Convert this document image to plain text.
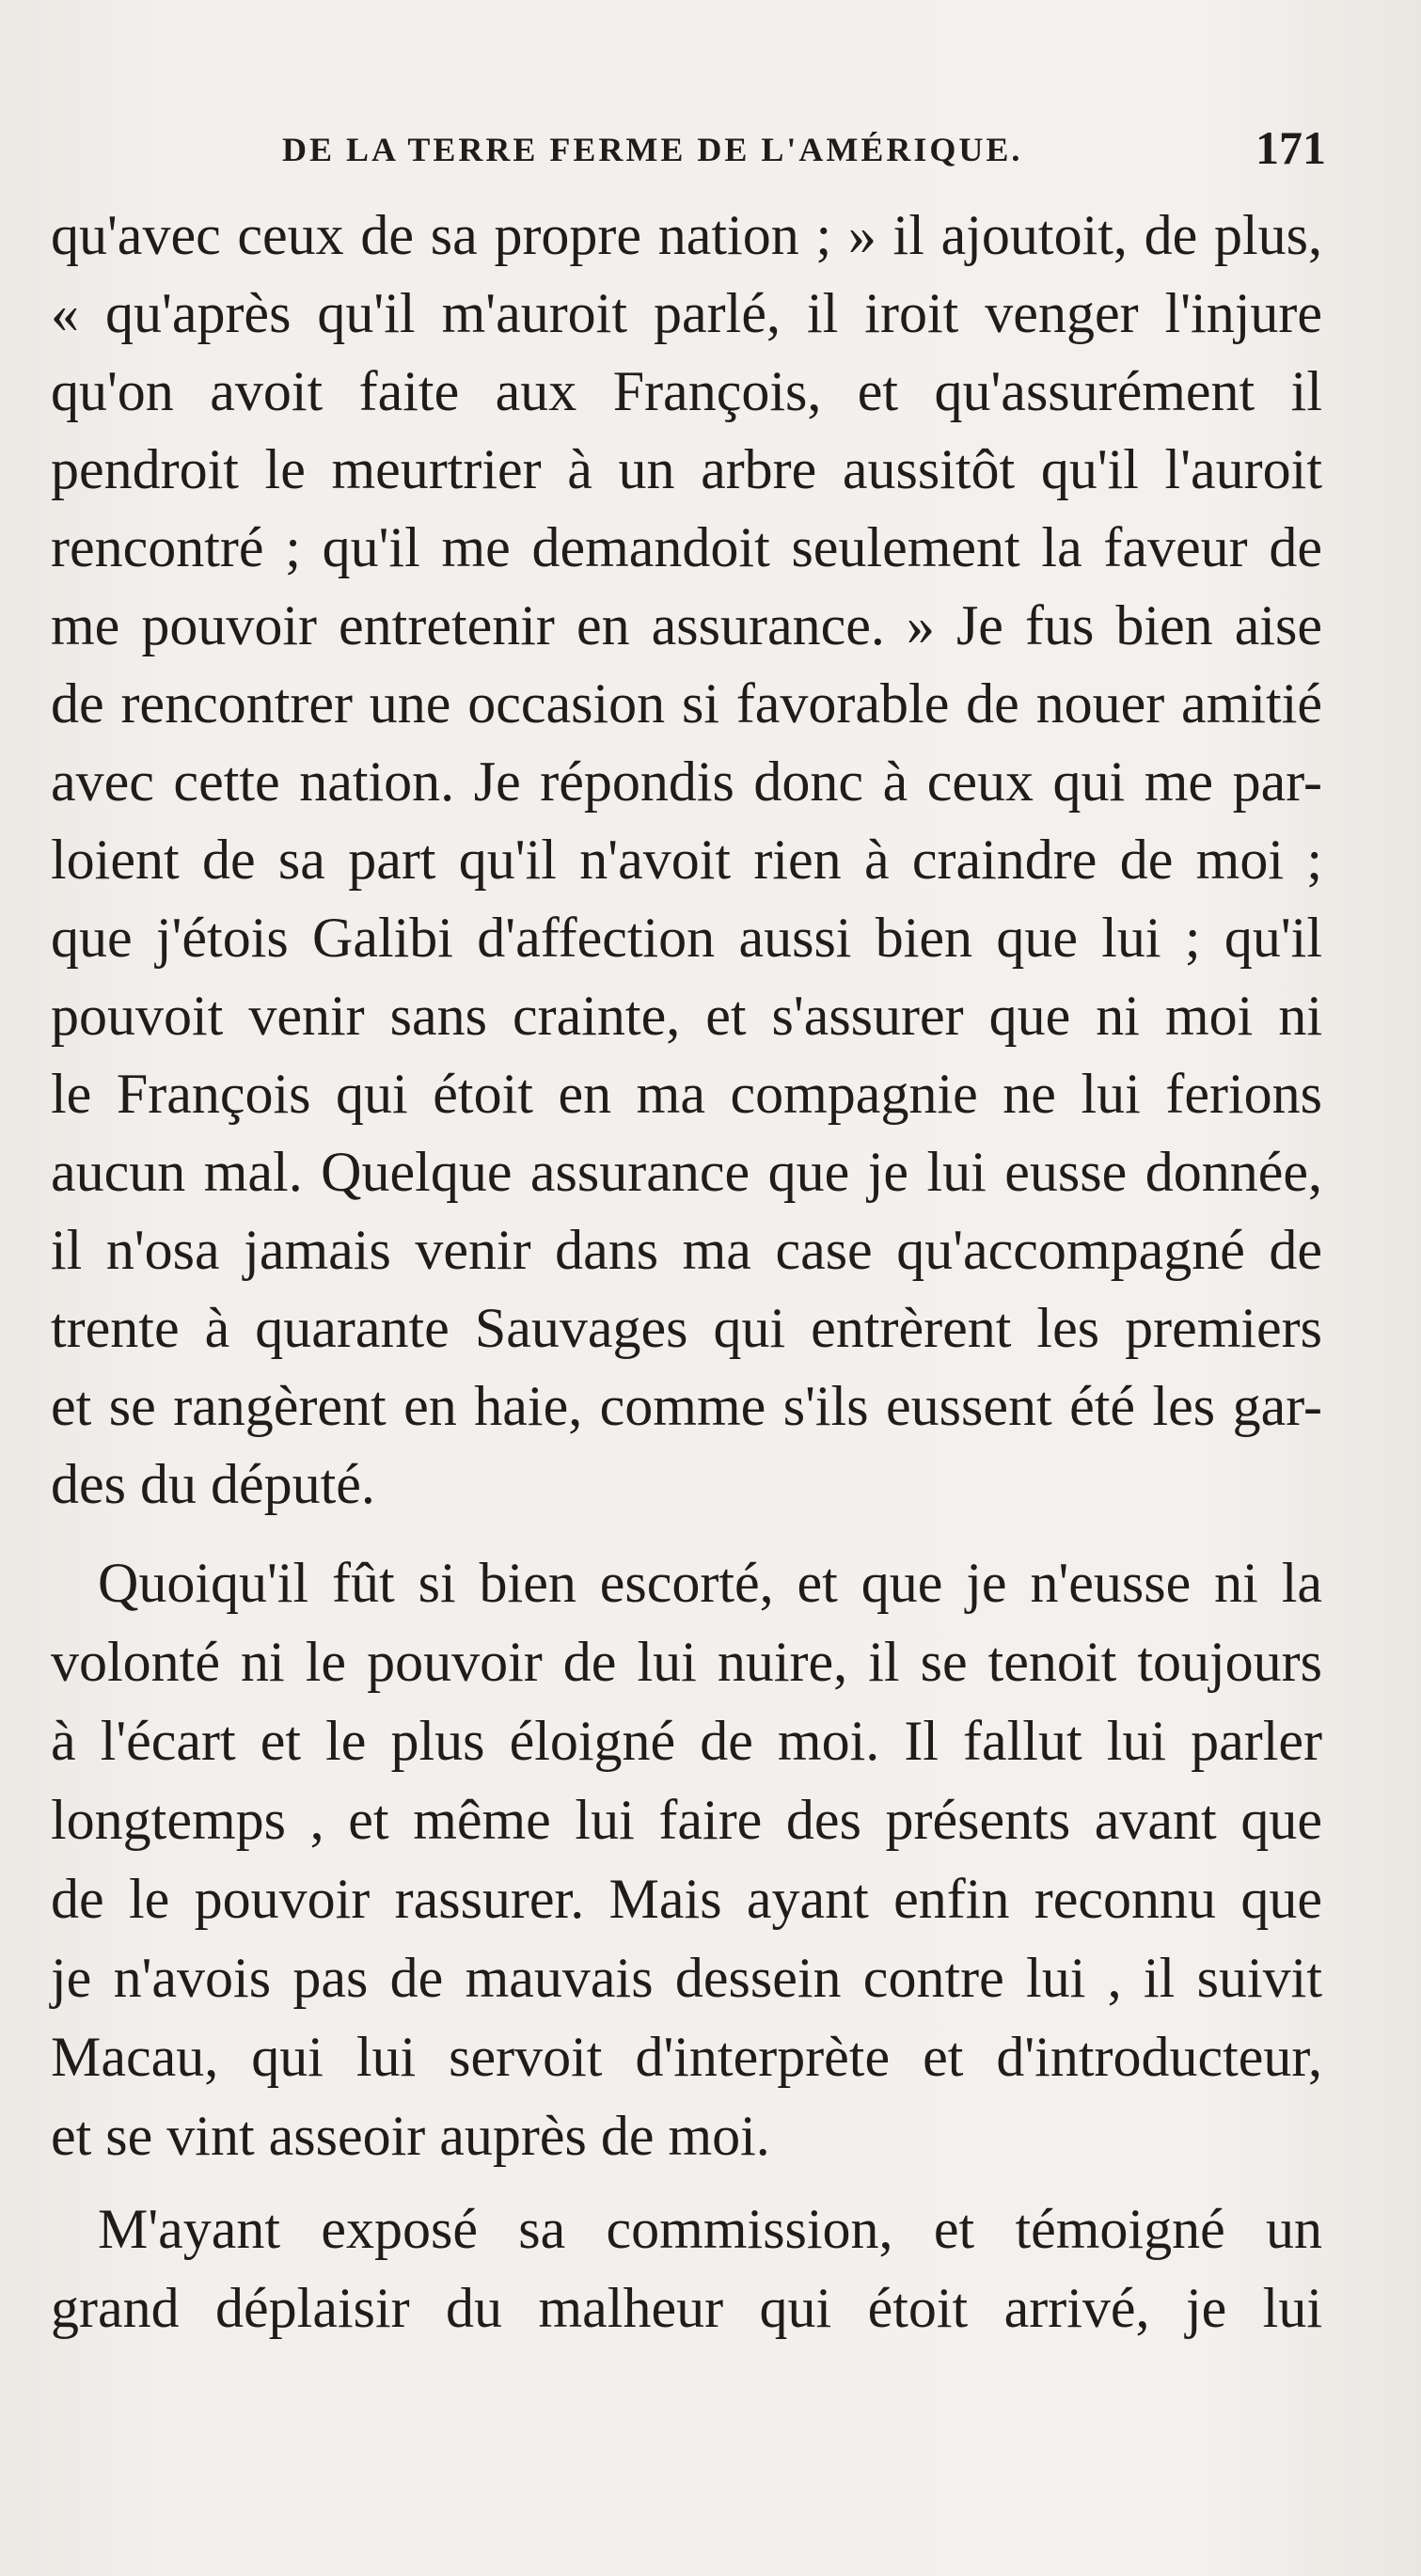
DE LA TERRE FERME DE L'AMÉRIQUE.	171
qu'avec ceux de sa propre nation ; » il ajoutoit, de plus,
« qu'après qu'il m'auroit parlé, il iroit venger l'injure
qu'on avoit faite aux François, et qu'assurément il
pendroit le meurtrier à un arbre aussitôt qu'il l'auroit
rencontré ; qu'il me demandoit seulement la faveur de
me pouvoir entretenir en assurance. » Je fus bien aise
de rencontrer une occasion si favorable de nouer amitié
avec cette nation. Je répondis donc à ceux qui me par-
loient de sa part qu'il n'avoit rien à craindre de moi ;
que j'étois Galibi d'affection aussi bien que lui ; qu'il
pouvoit venir sans crainte, et s'assurer que ni moi ni
le François qui étoit en ma compagnie ne lui ferions
aucun mal. Quelque assurance que je lui eusse donnée,
il n'osa jamais venir dans ma case qu'accompagné de
trente à quarante Sauvages qui entrèrent les premiers
et se rangèrent en haie, comme s'ils eussent été les gar-
des du député.
Quoiqu'il fût si bien escorté, et que je n'eusse ni la
volonté ni le pouvoir de lui nuire, il se tenoit toujours
à l'écart et le plus éloigné de moi. Il fallut lui parler
longtemps , et même lui faire des présents avant que
de le pouvoir rassurer. Mais ayant enfin reconnu que
je n'avois pas de mauvais dessein contre lui , il suivit
Macau, qui lui servoit d'interprète et d'introducteur,
et se vint asseoir auprès de moi.
M'ayant exposé sa commission, et témoigné un
grand déplaisir du malheur qui étoit arrivé, je lui
